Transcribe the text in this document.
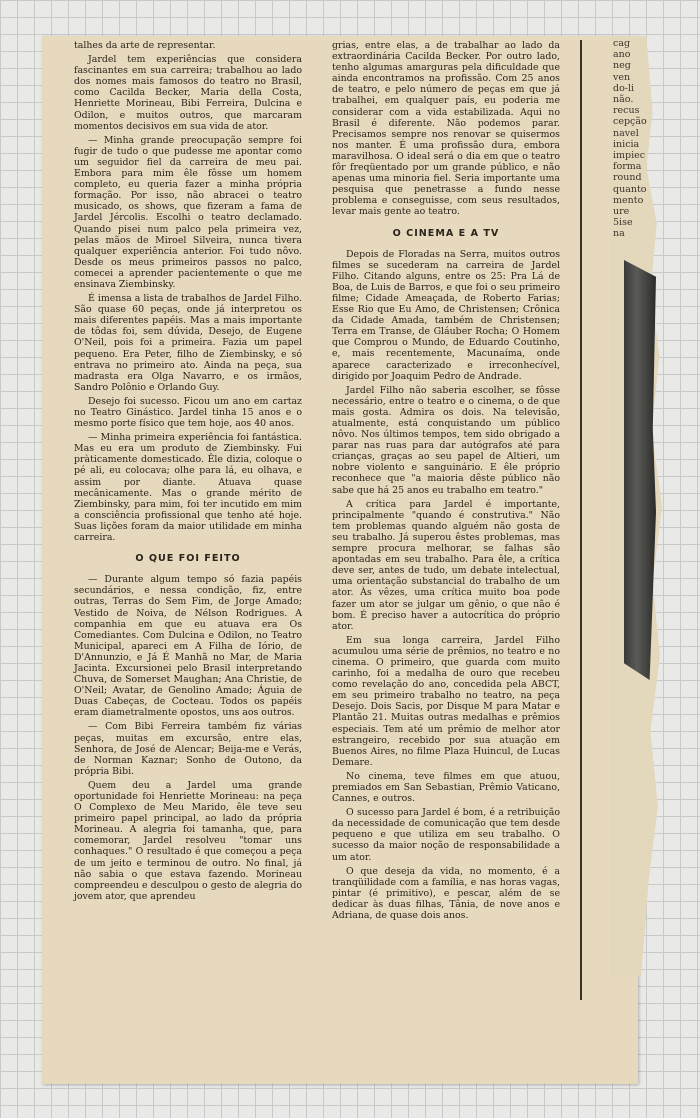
cag
ano
neg
ven
do-li
não.
recus
cepção
navel
inicia
impiec
forma
round
quanto
mento
ure
5ise
na

talhes da arte de representar.

Jardel tem experiências que considera fascinantes em sua carreira; trabalhou ao lado dos nomes mais famosos do teatro no Brasil, como Cacilda Becker, Maria della Costa, Henriette Morineau, Bibi Ferreira, Dulcina e Odilon, e muitos outros, que marcaram momentos decisivos em sua vida de ator.

— Minha grande preocupação sempre foi fugir de tudo o que pudesse me apontar como um seguidor fiel da carreira de meu pai. Embora para mim êle fôsse um homem completo, eu queria fazer a minha própria formação. Por isso, não abracei o teatro musicado, os shows, que fizeram a fama de Jardel Jércolis. Escolhi o teatro declamado. Quando pisei num palco pela primeira vez, pelas mãos de Miroel Silveira, nunca tivera qualquer experiência anterior. Foi tudo nôvo. Desde os meus primeiros passos no palco, comecei a aprender pacientemente o que me ensinava Ziembinsky.

É imensa a lista de trabalhos de Jardel Filho. São quase 60 peças, onde já interpretou os mais diferentes papéis. Mas a mais importante de tôdas foi, sem dúvida, Desejo, de Eugene O'Neil, pois foi a primeira. Fazia um papel pequeno. Era Peter, filho de Ziembinsky, e só entrava no primeiro ato. Ainda na peça, sua madrasta era Olga Navarro, e os irmãos, Sandro Polônio e Orlando Guy.

Desejo foi sucesso. Ficou um ano em cartaz no Teatro Ginástico. Jardel tinha 15 anos e o mesmo porte físico que tem hoje, aos 40 anos.

— Minha primeira experiência foi fantástica. Mas eu era um produto de Ziembinsky. Fui pràticamente domesticado. Êle dizia, coloque o pé ali, eu colocava; olhe para lá, eu olhava, e assim por diante. Atuava quase mecânicamente. Mas o grande mérito de Ziembinsky, para mim, foi ter incutido em mim a consciência profissional que tenho até hoje. Suas lições foram da maior utilidade em minha carreira.

O QUE FOI FEITO

— Durante algum tempo só fazia papéis secundários, e nessa condição, fiz, entre outras, Terras do Sem Fim, de Jorge Amado; Vestido de Noiva, de Nélson Rodrigues. A companhia em que eu atuava era Os Comediantes. Com Dulcina e Odilon, no Teatro Municipal, apareci em A Filha de Iório, de D'Annunzio, e Já É Manhã no Mar, de Maria Jacinta. Excursionei pelo Brasil interpretando Chuva, de Somerset Maughan; Ana Christie, de O'Neil; Avatar, de Genolino Amado; Águia de Duas Cabeças, de Cocteau. Todos os papéis eram diametralmente opostos, uns aos outros.

— Com Bibi Ferreira também fiz várias peças, muitas em excursão, entre elas, Senhora, de José de Alencar; Beija-me e Verás, de Norman Kaznar; Sonho de Outono, da própria Bibi.

Quem deu a Jardel uma grande oportunidade foi Henriette Morineau: na peça O Complexo de Meu Marido, êle teve seu primeiro papel principal, ao lado da própria Morineau. A alegria foi tamanha, que, para comemorar, Jardel resolveu "tomar uns conhaques." O resultado é que começou a peça de um jeito e terminou de outro. No final, já não sabia o que estava fazendo. Morineau compreendeu e desculpou o gesto de alegria do jovem ator, que aprendeu

grias, entre elas, a de trabalhar ao lado da extraordinária Cacilda Becker. Por outro lado, tenho algumas amarguras pela dificuldade que ainda encontramos na profissão. Com 25 anos de teatro, e pelo número de peças em que já trabalhei, em qualquer país, eu poderia me considerar com a vida estabilizada. Aqui no Brasil é diferente. Não podemos parar. Precisamos sempre nos renovar se quisermos nos manter. É uma profissão dura, embora maravilhosa. O ideal será o dia em que o teatro fôr freqüentado por um grande público, e não apenas uma minoria fiel. Seria importante uma pesquisa que penetrasse a fundo nesse problema e conseguisse, com seus resultados, levar mais gente ao teatro.

O CINEMA E A TV

Depois de Floradas na Serra, muitos outros filmes se sucederam na carreira de Jardel Filho. Citando alguns, entre os 25: Pra Lá de Boa, de Luis de Barros, e que foi o seu primeiro filme; Cidade Ameaçada, de Roberto Farias; Esse Rio que Eu Amo, de Christensen; Crônica da Cidade Amada, também de Christensen; Terra em Transe, de Gláuber Rocha; O Homem que Comprou o Mundo, de Eduardo Coutinho, e, mais recentemente, Macunaíma, onde aparece caracterizado e irreconhecível, dirigido por Joaquim Pedro de Andrade.

Jardel Filho não saberia escolher, se fôsse necessário, entre o teatro e o cinema, o de que mais gosta. Admira os dois. Na televisão, atualmente, está conquistando um público nôvo. Nos últimos tempos, tem sido obrigado a parar nas ruas para dar autógrafos até para crianças, graças ao seu papel de Altieri, um nobre violento e sanguinário. E êle próprio reconhece que "a maioria dêste público não sabe que há 25 anos eu trabalho em teatro."

A crítica para Jardel é importante, principalmente "quando é construtiva." Não tem problemas quando alguém não gosta de seu trabalho. Já superou êstes problemas, mas sempre procura melhorar, se falhas são apontadas em seu trabalho. Para êle, a crítica deve ser, antes de tudo, um debate intelectual, uma orientação substancial do trabalho de um ator. Às vêzes, uma crítica muito boa pode fazer um ator se julgar um gênio, o que não é bom. É preciso haver a autocrítica do próprio ator.

Em sua longa carreira, Jardel Filho acumulou uma série de prêmios, no teatro e no cinema. O primeiro, que guarda com muito carinho, foi a medalha de ouro que recebeu como revelação do ano, concedida pela ABCT, em seu primeiro trabalho no teatro, na peça Desejo. Dois Sacis, por Disque M para Matar e Plantão 21. Muitas outras medalhas e prêmios especiais. Tem até um prêmio de melhor ator estrangeiro, recebido por sua atuação em Buenos Aires, no filme Plaza Huincul, de Lucas Demare.

No cinema, teve filmes em que atuou, premiados em San Sebastian, Prêmio Vaticano, Cannes, e outros.

O sucesso para Jardel é bom, é a retribuição da necessidade de comunicação que tem desde pequeno e que utiliza em seu trabalho. O sucesso da maior noção de responsabilidade a um ator.

O que deseja da vida, no momento, é a tranqüilidade com a família, e nas horas vagas, pintar (é primitivo), e pescar, além de se dedicar às duas filhas, Tânia, de nove anos e Adriana, de quase dois anos.
